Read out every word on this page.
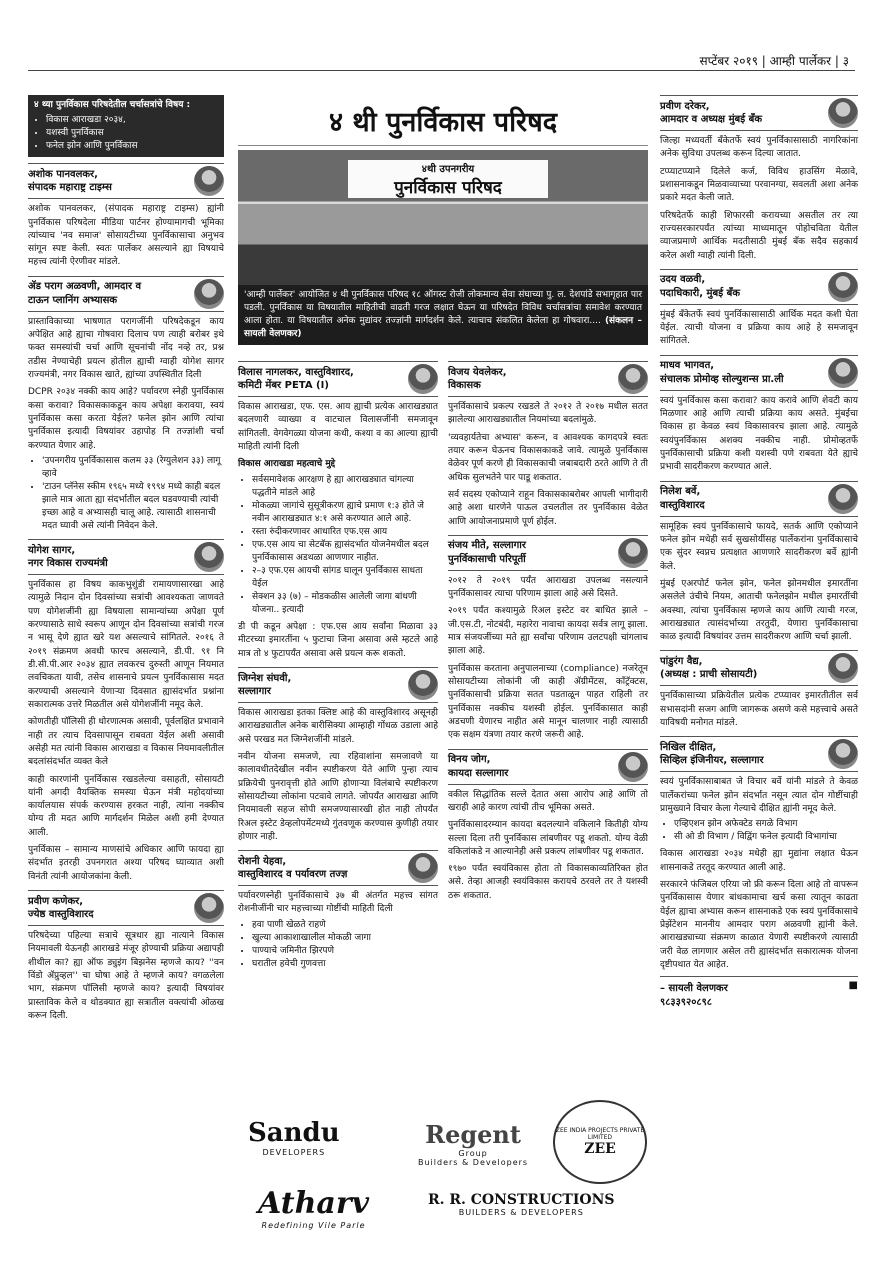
सप्टेंबर २०१९ | आम्ही पार्लेकर | ३
४ थ्या पुनर्विकास परिषदेतील चर्चासत्रांचे विषय :
• विकास आराखडा २०३४,
• यशस्वी पुनर्विकास
• फनेल झोन आणि पुनर्विकास
अशोक पानवलकर,
संपादक महाराष्ट्र टाइम्स
अशोक पानवलकर, (संपादक महाराष्ट्र टाइम्स) ह्यांनी पुनर्विकास परिषदेला मीडिया पार्टनर होण्यामागची भूमिका त्यांच्याच 'नव समाज' सोसायटीच्या पुनर्विकासाचा अनुभव सांगून स्पष्ट केली. स्वतः पार्लेकर असल्याने ह्या विषयाचे महत्त्व त्यांनी ऐरणीवर मांडले.
ॲड पराग अळवणी, आमदार व
टाऊन प्लानिंग अभ्यासक
प्रास्ताविकाच्या भाषणात परागजींनी परिषदेकडून काय अपेक्षित आहे ह्याचा गोषवारा दिलाच पण त्याही बरोबर इथे फक्त समस्यांची चर्चा आणि सूचनांची नोंद नव्हे तर, प्रश्न तडीस नेण्याचेही प्रयत्न होतील ह्याची ग्वाही योगेश सागर राज्यमंत्री, नगर विकास खाते, ह्यांच्या उपस्थितीत दिली
DCPR २०३४ नक्की काय आहे? पर्यावरण स्नेही पुनर्विकास कसा करावा? विकासकाकडून काय अपेक्षा करावया, स्वयं पुनर्विकास कसा करता येईल? फनेल झोन आणि त्यांचा पुनर्विकास इत्यादी विषयांवर उहापोह नि तज्ज्ञांशी चर्चा करण्यात येणार आहे.
• 'उपनगरीय पुनर्विकासास कलम ३३ (रेग्युलेशन ३३) लागू व्हावे
• 'टाउन प्लॅनेस स्कीम १९६५ मध्ये १९९४ मध्ये काही बदल झाले मात्र आता ह्या संदर्भातील बदल घडवण्याची त्यांची इच्छा आहे व अभ्यासही चालू आहे. त्यासाठी शासनाची मदत घ्यावी असे त्यांनी निवेदन केले.
योगेश सागर,
नगर विकास राज्यमंत्री
पुनर्विकास हा विषय काकभुशुंडी रामायणासारखा आहे त्यामुळे निदान दोन दिवसांच्या सत्रांची आवश्यकता जाणवते पण योगेशजींनी ह्या विषयाला सामान्यांच्या अपेक्षा पूर्ण करण्यासाठे साधे स्वरूप आणून दोन दिवसांच्या सत्रांची गरज न भासू देणे ह्यात खरे यश असल्याचे सांगितले. २०१६ ते २०१९ संक्रमण अवधी फारच असल्याने, डी.पी. ९१ नि डी.सी.पी.आर २०३४ ह्यात लवकरच दुरुस्ती आणून नियमात लवचिकता यावी, तसेच शासनाचे प्रयत्न पुनर्विकासास मदत करण्याची असल्याने येणाऱ्या दिवसात ह्यासंदर्भात प्रश्नांना सकारात्मक उत्तरे मिळतील असे योगेशजींनी नमूद केले.
कोणतीही पॉलिसी ही धोरणात्मक असावी, पूर्वलक्षित प्रभावाने नाही तर त्याच दिवसापासून राबवता येईल अशी असावी असेही मत त्यांनी विकास आराखडा व विकास नियमावलीतील बदलांसंदर्भात व्यक्त केले
काही कारणांनी पुनर्विकास रखडलेल्या वसाहती, सोसायटी यांनी अगदी वैयक्तिक समस्या घेऊन मंत्री महोदयांच्या कार्यालयास संपर्क करण्यास हरकत नाही, त्यांना नक्कीच योग्य ती मदत आणि मार्गदर्शन मिळेल अशी हमी देण्यात आली.
पुनर्विकास – सामान्य माणसांचे अधिकार आणि फायदा ह्या संदर्भात इतरही उपनगरात अश्या परिषद घ्याव्यात अशी विनंती त्यांनी आयोजकांना केली.
प्रवीण कणेकर,
ज्येष्ठ वास्तुविशारद
परिषदेच्या पहिल्या सत्राचे सूत्रधार ह्या नात्याने विकास नियमावली येऊनही आराखडे मंजूर होण्याची प्रक्रिया अद्यापही शीथील का? ह्या ऑफ ड्युइंग बिझनेस म्हणजे काय? ''वन विंडो ॲप्रुव्हल'' चा घोषा आहे ते म्हणजे काय? वगळलेला भाग, संक्रमण पॉलिसी म्हणजे काय? इत्यादी विषयांवर प्रास्ताविक केले व थोडक्यात ह्या सत्रातील वक्त्यांची ओळख करून दिली.
४ थी पुनर्विकास परिषद
४थी उपनगरीय
पुनर्विकास परिषद
'आम्ही पार्लेकर' आयोजित ४ थी पुनर्विकास परिषद १८ ऑगस्ट रोजी लोकमान्य सेवा संघाच्या पु. ल. देशपांडे सभागृहात पार पडली. पुनर्विकास या विषयातील माहितीची वाढती गरज लक्षात घेऊन या परिषदेत विविध चर्चासत्रांचा समावेश करण्यात आला होता. या विषयातील अनेक मुद्यांवर तज्ज्ञांनी मार्गदर्शन केले. त्याचाच संकलित केलेला हा गोषवारा.... (संकलन – सायली वेलणकर)
विलास नागलकर, वास्तुविशारद,
कमिटी मेंबर PETA (I)
विकास आराखडा, एफ. एस. आय ह्याची प्रत्येक आराखड्यात बदलणारी व्याख्या व वाटचाल विलासजींनी समजावून सांगितली. वेगवेगळ्या योजना कधी, कश्या व का आल्या ह्याची माहिती त्यांनी दिली
विकास आराखडा महत्वाचे मुद्दे
• सर्वसमावेशक आरक्षण हे ह्या आराखड्यात चांगल्या पद्धतीने मांडले आहे
• मोकळ्या जागांचे सुसूत्रीकरण ह्याचे प्रमाण १:३ होते जे नवीन आराखड्यात ४:१ असे करण्यात आले आहे.
• रस्ता रुंदीकरणावर आधारित एफ.एस आय
• एफ.एस आय चा सेटबॅक ह्यासंदर्भात योजनेमधील बदल पुनर्विकासास अडथळा आणणार नाहीत.
• २–३ एफ.एस आयची सांगड घालून पुनर्विकास साधता येईल
• सेक्शन ३३ (७) – मोडकळीस आलेली जागा बांधणी योजना.. इत्यादी
डी पी कडून अपेक्षा : एफ.एस आय सर्वांना मिळावा ३३ मीटरच्या इमारतींना ५ फुटाचा जिना असावा असे म्हटले आहे मात्र तो ४ फुटापर्यंत असावा असे प्रयत्न करू शकतो.
जिग्नेश संघवी,
सल्लागार
विकास आराखडा इतका क्लिष्ट आहे की वास्तुविशारद असूनही आराखड्यातील अनेक बारीसिक्या आम्हाही गोंधळ उडाला आहे असे परखड मत जिग्नेशजींनी मांडले.
नवीन योजना समजणे, त्या रहिवाशांना समजावणे या कालावधीतदेखील नवीन स्पष्टीकरण येते आणि पुन्हा त्याच प्रक्रियेची पुनरावृत्ती होते आणि होणाऱ्या विलंबाचे स्पष्टीकरण सोसायटीच्या लोकांना पटवावे लागते. जोपर्यंत आराखडा आणि नियमावली सहज सोपी समजण्यासारखी होत नाही तोपर्यंत रिअल इस्टेट डेव्हलोपमेंटमध्ये गुंतवणूक करण्यास कुणीही तयार होणार नाही.
रोशनी येहवा,
वास्तुविशारद व पर्यावरण तज्ज्ञ
पर्यावरणस्नेही पुनर्विकासाचे ३७ बी अंतर्गत महत्त्व सांगत रोशनीजींनी चार महत्त्वाच्या गोष्टींची माहिती दिली
• हवा पाणी खेळते राहणे
• खुल्या आकाशाखालील मोकळी जागा
• पाण्याचे जमिनीत झिरपणे
• घरातील हवेची गुणवत्ता
विजय येवलेकर,
विकासक
पुनर्विकासाचे प्रकल्प रखडले ते २०१२ ते २०१७ मधील सतत झालेल्या आराखड्यातील नियमांच्या बदलांमुळे.
'व्यवहार्यतेचा अभ्यास' करून, व आवश्यक कागदपत्रे स्वतः तयार करून घेऊनच विकासकाकडे जावे. त्यामुळे पुनर्विकास वेळेवर पूर्ण करणे ही विकासकाची जबाबदारी ठरते आणि ते ती अधिक सुलभतेने पार पाडू शकतात.
सर्व सदस्य एकोप्याने राहून विकासकाबरोबर आपली भागीदारी आहे अशा धारणेने पाऊल उचलतील तर पुनर्विकास वेळेत आणि आयोजनाप्रमाणे पूर्ण होईल.
संजय मीते, सल्लागार
पुनर्विकासाची परिपूर्ती
२०१२ ते २०१९ पर्यंत आराखडा उपलब्ध नसल्याने पुनर्विकासावर त्याचा परिणाम झाला आहे असे दिसते.
२०१९ पर्यंत कश्यामुळे रिअल इस्टेट वर बाधित झाले – जी.एस.टी, नोटबंदी, महारेरा नावाचा कायदा सर्वत्र लागू झाला. मात्र संजयजींच्या मते ह्या सर्वांचा परिणाम उलटपक्षी चांगलाच झाला आहे.
पुनर्विकास करताना अनुपालनाच्या (compliance) नजरेतून सोसायटीच्या लोकांनी जी काही ॲग्रीमेंटस, कॉंट्रॅक्टस, पुनर्विकासाची प्रक्रिया सतत पडताळून पाहत राहिली तर पुनर्विकास नक्कीच यशस्वी होईल. पुनर्विकासात काही अडचणी येणारच नाहीत असे मानून चालणार नाही त्यासाठी एक सक्षम यंत्रणा तयार करणे जरूरी आहे.
विनय जोग,
कायदा सल्लागार
वकील सिद्धांतिक सल्ले देतात असा आरोप आहे आणि तो खराही आहे कारण त्यांची तीच भूमिका असते.
पुनर्विकासादरम्यान कायदा बदलल्याने वकिलाने कितीही योग्य सल्ला दिला तरी पुनर्विकास लांबणीवर पडू शकतो. योग्य वेळी वकिलांकडे न आल्यानेही असे प्रकल्प लांबणीवर पडू शकतात.
१९७० पर्यंत स्वयंविकास होता तो विकासकाव्यतिरिक्त होत असे. तेव्हा आजही स्वयंविकास करायचे ठरवले तर ते यशस्वी ठरू शकतात.
Sandu
DEVELOPERS
Regent
Group
Builders & Developers
ZEE INDIA PROJECTS PRIVATE LIMITED
ZEE
Atharv
Redefining Vile Parle
R. R. CONSTRUCTIONS
BUILDERS & DEVELOPERS
प्रवीण दरेकर,
आमदार व अध्यक्ष मुंबई बँक
जिल्हा मध्यवर्ती बँकेतर्फे स्वयं पुनर्विकासासाठी नागरिकांना अनेक सुविधा उपलब्ध करून दिल्या जातात.
टप्प्याटप्प्याने दिलेले कर्ज, विविध हाउसिंग मेळावे, प्रशासनाकडून मिळवाव्याच्या परवानग्या, सवलती अशा अनेक प्रकारे मदत केली जाते.
परिषदेतर्फे काही शिफारसी करायच्या असतील तर त्या राज्यसरकारपर्यंत त्यांच्या माध्यमातून पोहोचविता येतील व्याजप्रमाणे आर्थिक मदतीसाठी मुंबई बँक सदैव सहकार्य करेल अशी ग्वाही त्यांनी दिली.
उदय वळवी,
पदाधिकारी, मुंबई बँक
मुंबई बँकेतर्फे स्वयं पुनर्विकासासाठी आर्थिक मदत कशी घेता येईल. त्याची योजना व प्रक्रिया काय आहे हे समजावून सांगितले.
माधव भागवत,
संचालक प्रोमोव्ह सोल्युशन्स प्रा.ली
स्वयं पुनर्विकास कसा करावा? काय करावे आणि शेवटी काय मिळणार आहे आणि त्याची प्रक्रिया काय असते. मुंबईचा विकास हा केवळ स्वयं विकासावरच झाला आहे. त्यामुळे स्वयंपुनर्विकास अशक्य नक्कीच नाही. प्रोमोव्हतर्फे पुनर्विकासाची प्रक्रिया कशी यशस्वी पणे राबवता येते ह्याचे प्रभावी सादरीकरण करण्यात आले.
निलेश बर्वे,
वास्तुविशारद
सामूहिक स्वयं पुनर्विकासाचे फायदे, सतर्क आणि एकोप्याने फनेल झोन मधेही सर्व सुखसोयींसह पार्लेकरांना पुनर्विकासाचे एक सुंदर स्वप्नच प्रत्यक्षात आणणारे सादरीकरण बर्वे ह्यांनी केले.
मुंबई एअरपोर्ट फनेल झोन, फनेल झोनमधील इमारतींना असलेले उंचीचे नियम, आताची फनेलझोन मधील इमारतींची अवस्था, त्यांचा पुनर्विकास म्हणजे काय आणि त्याची गरज, आराखड्यात त्यासंदर्भाच्या तरतुदी, येणारा पुनर्विकासाचा काळ इत्यादी विषयांवर उत्तम सादरीकरण आणि चर्चा झाली.
पांडुरंग वैद्य,
(अध्यक्ष : प्राची सोसायटी)
पुनर्विकासाच्या प्रक्रियेतील प्रत्येक टप्प्यावर इमारतीतील सर्व सभासदांनी सजग आणि जागरूक असणे कसे महत्त्वाचे असते याविषयी मनोगत मांडले.
निखिल दीक्षित,
सिव्हिल इंजिनीयर, सल्लागार
स्वयं पुनर्विकासाबाबत जे विचार बर्वे यांनी मांडले ते केवळ पार्लेकरांच्या फनेल झोन संदर्भात नसून त्यात दोन गोष्टींचाही प्रामुख्याने विचार केला गेल्याचे दीक्षित ह्यांनी नमूद केले.
• एव्हिएशन झोन अफेक्टेड सगळे विभाग
• सी ओ डी विभाग / विद्विंग फनेल इत्यादी विभागांचा
विकास आराखडा २०३४ मधेही ह्या मुद्यांना लक्षात घेऊन शासनाकडे तरतूद करण्यात आली आहे.
सरकारने फंजिबल एरिया जो फ्री करून दिला आहे तो वापरून पुनर्विकासास येणार बांधकामाचा खर्च कसा त्यातून काढता येईल ह्याचा अभ्यास करून शासनाकडे एक स्वयं पुनर्विकासाचे प्रेझेंटेशन माननीय आमदार पराग अळवणी ह्यांनी केले. आराखड्याच्या संक्रमण काळात येणारी स्पष्टीकरणे त्यासाठी जरी वेळ लागणार असेल तरी ह्यासंदर्भात सकारात्मक योजना दृष्टीपथात येत आहेत.
– सायली वेलणकर
९८३३९२०८९८
■
